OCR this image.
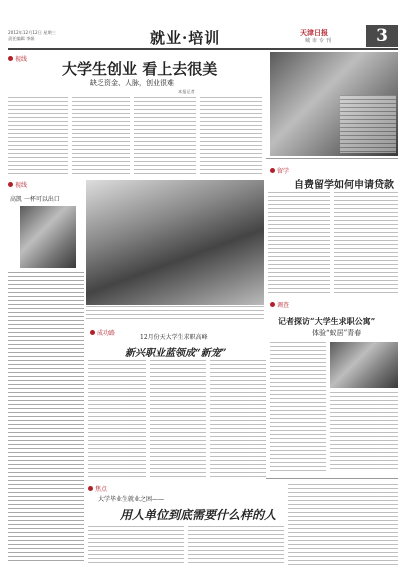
2012年12月12日 星期三
责任编辑 李娟	就业·培训	天津日报
城市专刊	3
视线
大学生创业 看上去很美
缺乏资金、人脉，创业很难
本报记者
视线
高凯 一杯可以出口
留学
自费留学如何申请贷款
成功路
12月份天大学生求职高峰
新兴职业蓝领成“新宠”
调查
记者探访“大学生求职公寓”
体验“蚁居”青春
焦点
大学毕业生就业之困——
用人单位到底需要什么样的人
